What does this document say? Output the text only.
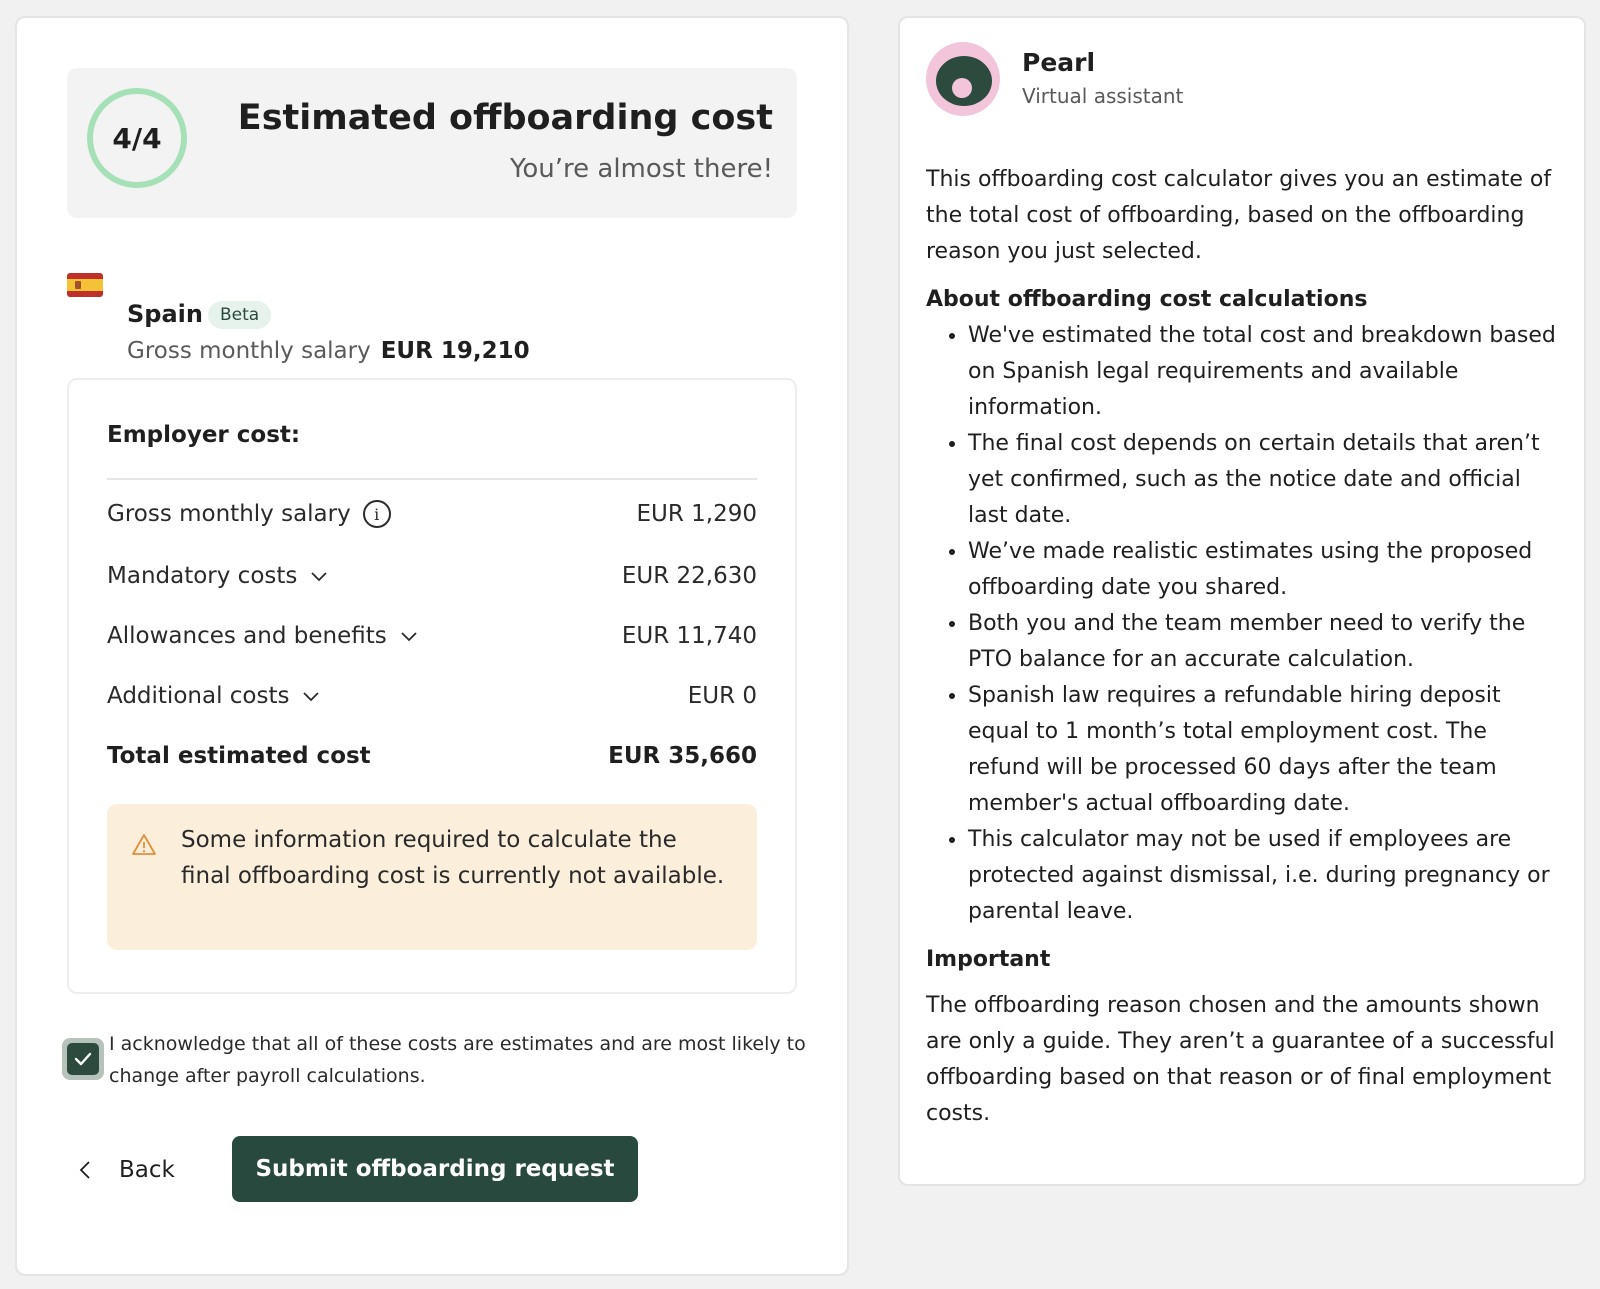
4/4	Estimated offboarding cost
You’re almost there!
Spain	Beta
Gross monthly salary EUR 19,210
Employer cost:
Gross monthly salary	i	EUR 1,290
Mandatory costs	EUR 22,630
Allowances and benefits	EUR 11,740
Additional costs	EUR 0
Total estimated cost	EUR 35,660
Some information required to calculate the final offboarding cost is currently not available.
I acknowledge that all of these costs are estimates and are most likely to change after payroll calculations.
Back	Submit offboarding request
Pearl
Virtual assistant

This offboarding cost calculator gives you an estimate of the total cost of offboarding, based on the offboarding reason you just selected.

About offboarding cost calculations
• We've estimated the total cost and breakdown based on Spanish legal requirements and available information.
• The final cost depends on certain details that aren’t yet confirmed, such as the notice date and official last date.
• We’ve made realistic estimates using the proposed offboarding date you shared.
• Both you and the team member need to verify the PTO balance for an accurate calculation.
• Spanish law requires a refundable hiring deposit equal to 1 month’s total employment cost. The refund will be processed 60 days after the team member's actual offboarding date.
• This calculator may not be used if employees are protected against dismissal, i.e. during pregnancy or parental leave.
Important

The offboarding reason chosen and the amounts shown are only a guide. They aren’t a guarantee of a successful offboarding based on that reason or of final employment costs.
